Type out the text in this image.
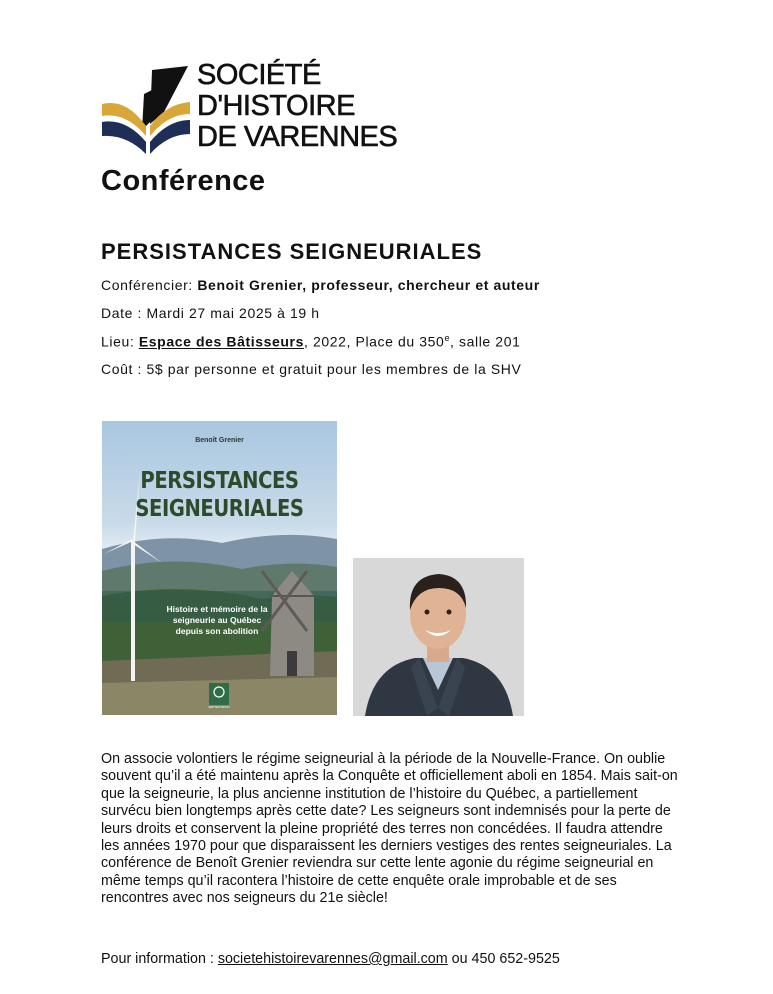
SOCIÉTÉ
D'HISTOIRE
DE VARENNES
Conférence
PERSISTANCES SEIGNEURIALES
Conférencier: Benoit Grenier, professeur, chercheur et auteur
Date : Mardi 27 mai 2025 à 19 h
Lieu: Espace des Bâtisseurs, 2022, Place du 350e, salle 201
Coût : 5$ par personne et gratuit pour les membres de la SHV
Benoît Grenier
PERSISTANCES
SEIGNEURIALES
Histoire et mémoire de la
seigneurie au Québec
depuis son abolition
SEPTENTRION
On associe volontiers le régime seigneurial à la période de la Nouvelle-France. On oublie souvent qu’il a été maintenu après la Conquête et officiellement aboli en 1854. Mais sait-on que la seigneurie, la plus ancienne institution de l’histoire du Québec, a partiellement survécu bien longtemps après cette date? Les seigneurs sont indemnisés pour la perte de leurs droits et conservent la pleine propriété des terres non concédées. Il faudra attendre les années 1970 pour que disparaissent les derniers vestiges des rentes seigneuriales. La conférence de Benoît Grenier reviendra sur cette lente agonie du régime seigneurial en même temps qu’il racontera l’histoire de cette enquête orale improbable et de ses rencontres avec nos seigneurs du 21e siècle!
Pour information : societehistoirevarennes@gmail.com ou 450 652-9525
